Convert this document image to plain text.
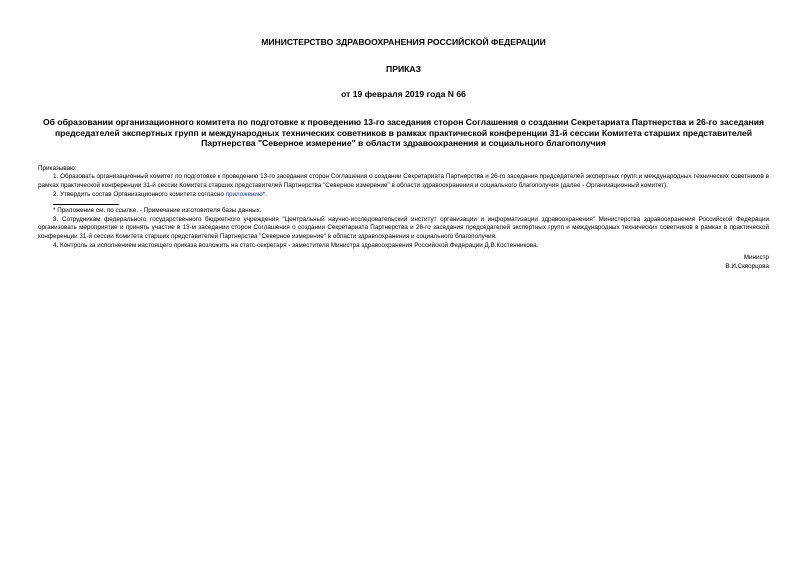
МИНИСТЕРСТВО ЗДРАВООХРАНЕНИЯ РОССИЙСКОЙ ФЕДЕРАЦИИ

ПРИКАЗ

от 19 февраля 2019 года N 66

Об образовании организационного комитета по подготовке к проведению 13-го заседания сторон Соглашения о создании Секретариата Партнерства и 26-го заседания председателей экспертных групп и международных технических советников в рамках практической конференции 31-й сессии Комитета старших представителей Партнерства "Северное измерение" в области здравоохранения и социального благополучия

Приказываю:

1. Образовать организационный комитет по подготовке к проведению 13-го заседания сторон Соглашения о создании Секретариата Партнерства и 26-го заседания председателей экспертных групп и международных технических советников в рамках практической конференции 31-й сессии Комитета старших представителей Партнерства "Северное измерение" в области здравоохранения и социального благополучия (далее - Организационный комитет).

2. Утвердить состав Организационного комитета согласно приложению*.

* Приложение см. по ссылке. - Примечание изготовителя базы данных.

3. Сотрудникам федерального государственного бюджетного учреждения "Центральный научно-исследовательский институт организации и информатизации здравоохранения" Министерства здравоохранения Российской Федерации организовать мероприятие и принять участие в 13-м заседании сторон Соглашения о создании Секретариата Партнерства и 26-го заседания председателей экспертных групп и международных технических советников в рамках в практической конференции 31-й сессии Комитета старших представителей Партнерства "Северное измерение" в области здравоохранения и социального благополучия.

4. Контроль за исполнением настоящего приказа возложить на статс-секретаря - заместителя Министра здравоохранения Российской Федерации Д.В.Костенникова.

Министр

В.И.Скворцова
